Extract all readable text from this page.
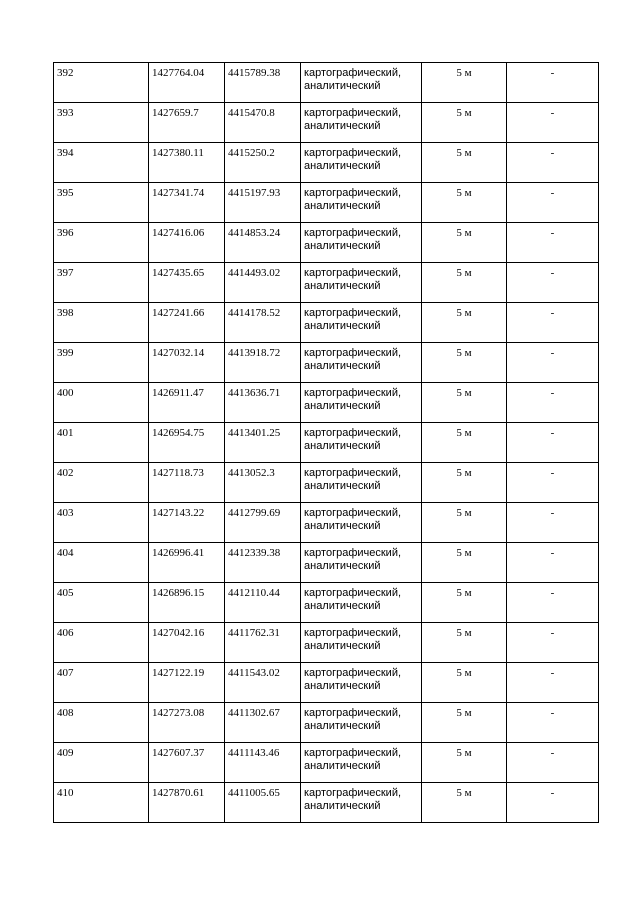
392	1427764.04	4415789.38	картографический, аналитический	5 м	-
393	1427659.7	4415470.8	картографический, аналитический	5 м	-
394	1427380.11	4415250.2	картографический, аналитический	5 м	-
395	1427341.74	4415197.93	картографический, аналитический	5 м	-
396	1427416.06	4414853.24	картографический, аналитический	5 м	-
397	1427435.65	4414493.02	картографический, аналитический	5 м	-
398	1427241.66	4414178.52	картографический, аналитический	5 м	-
399	1427032.14	4413918.72	картографический, аналитический	5 м	-
400	1426911.47	4413636.71	картографический, аналитический	5 м	-
401	1426954.75	4413401.25	картографический, аналитический	5 м	-
402	1427118.73	4413052.3	картографический, аналитический	5 м	-
403	1427143.22	4412799.69	картографический, аналитический	5 м	-
404	1426996.41	4412339.38	картографический, аналитический	5 м	-
405	1426896.15	4412110.44	картографический, аналитический	5 м	-
406	1427042.16	4411762.31	картографический, аналитический	5 м	-
407	1427122.19	4411543.02	картографический, аналитический	5 м	-
408	1427273.08	4411302.67	картографический, аналитический	5 м	-
409	1427607.37	4411143.46	картографический, аналитический	5 м	-
410	1427870.61	4411005.65	картографический, аналитический	5 м	-
